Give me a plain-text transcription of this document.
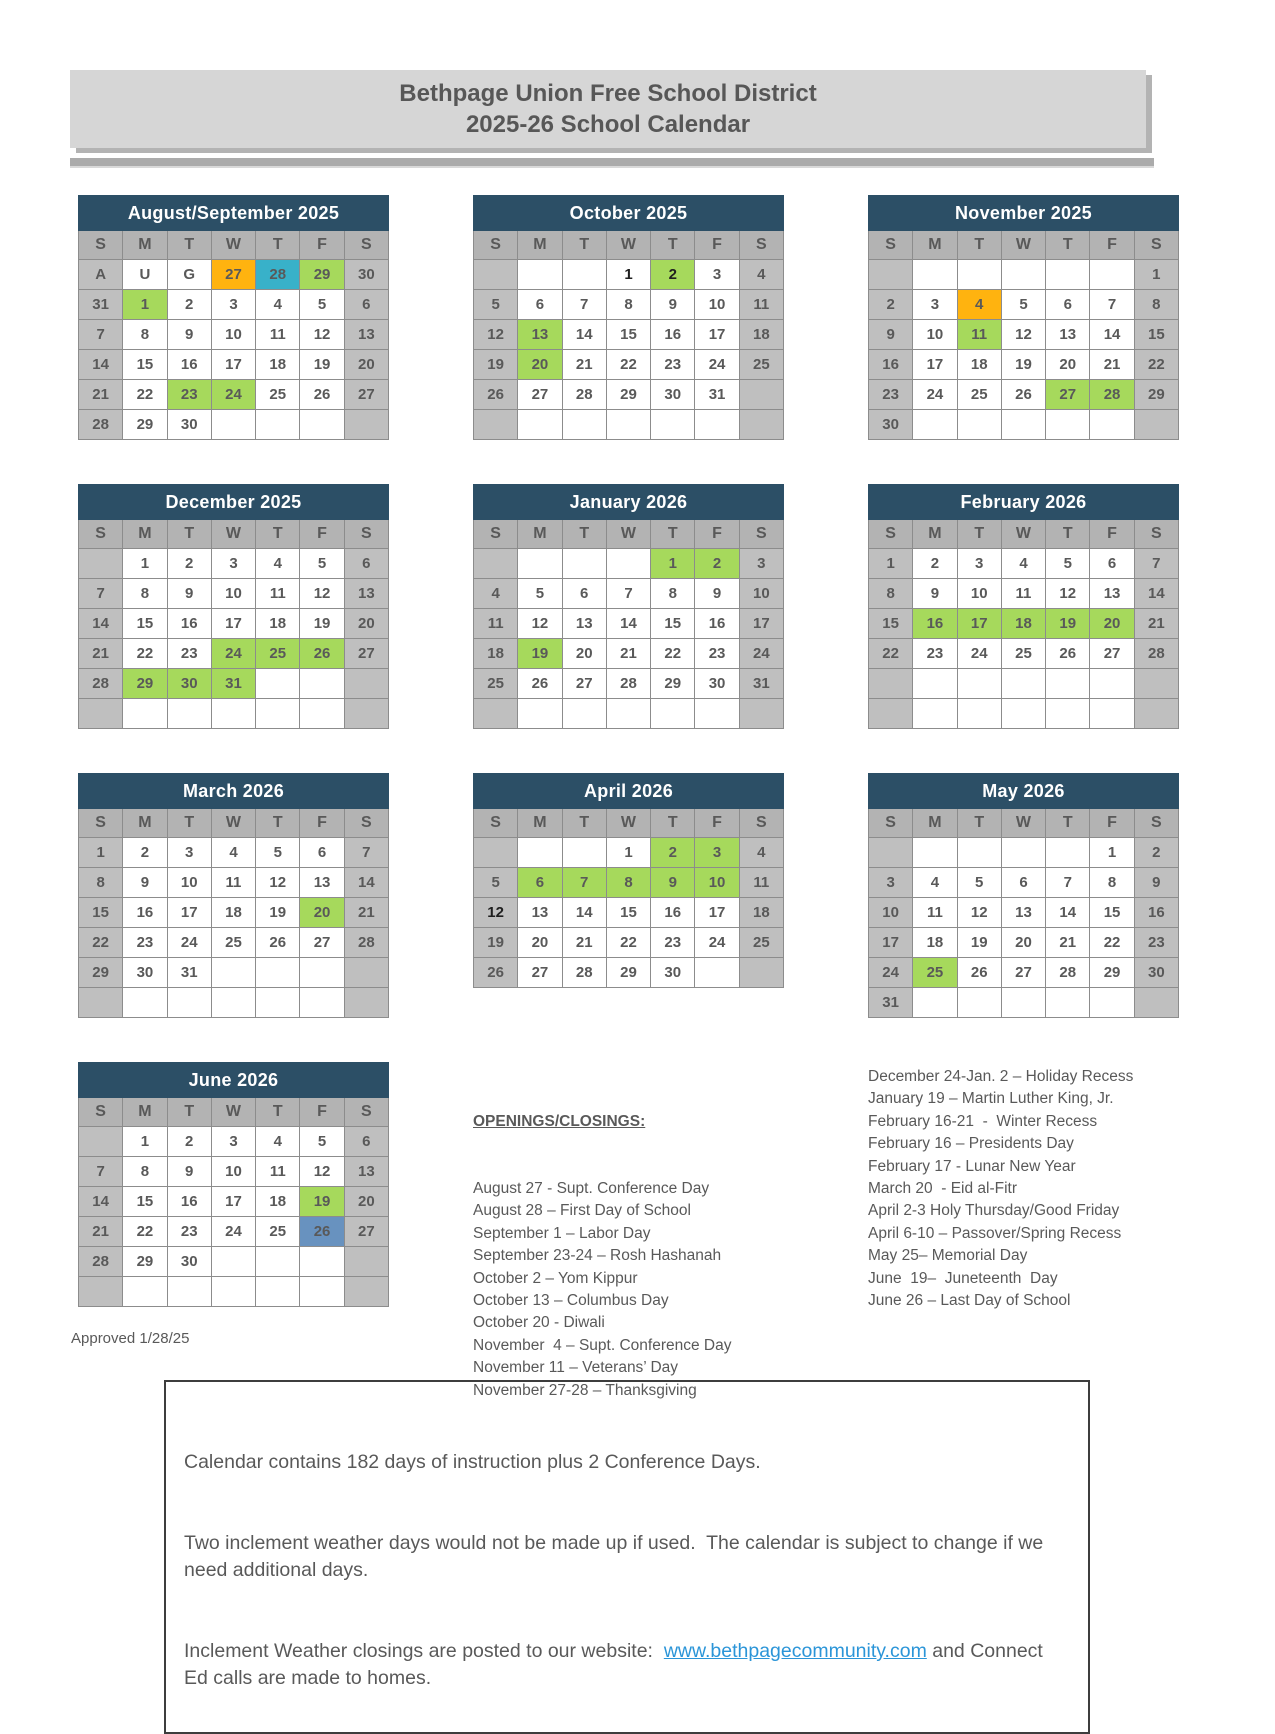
Bethpage Union Free School District
2025-26 School Calendar

OPENINGS/CLOSINGS:

August 27 - Supt. Conference Day
August 28 – First Day of School
September 1 – Labor Day
September 23-24 – Rosh Hashanah
October 2 – Yom Kippur
October 13 – Columbus Day
October 20 - Diwali
November  4 – Supt. Conference Day
November 11 – Veterans’ Day
November 27-28 – Thanksgiving

December 24-Jan. 2 – Holiday Recess
January 19 – Martin Luther King, Jr.
February 16-21  -  Winter Recess
February 16 – Presidents Day
February 17 - Lunar New Year
March 20  - Eid al-Fitr
April 2-3 Holy Thursday/Good Friday
April 6-10 – Passover/Spring Recess
May 25– Memorial Day
June  19–  Juneteenth  Day
June 26 – Last Day of School
August/September 2025						
S	M	T	W	T	F	S
A	U	G	27	28	29	30
31	1	2	3	4	5	6
7	8	9	10	11	12	13
14	15	16	17	18	19	20
21	22	23	24	25	26	27
28	29	30				
October 2025						
S	M	T	W	T	F	S
			1	2	3	4
5	6	7	8	9	10	11
12	13	14	15	16	17	18
19	20	21	22	23	24	25
26	27	28	29	30	31	

November 2025						
S	M	T	W	T	F	S
						1
2	3	4	5	6	7	8
9	10	11	12	13	14	15
16	17	18	19	20	21	22
23	24	25	26	27	28	29
30						
December 2025						
S	M	T	W	T	F	S
	1	2	3	4	5	6
7	8	9	10	11	12	13
14	15	16	17	18	19	20
21	22	23	24	25	26	27
28	29	30	31			

January 2026						
S	M	T	W	T	F	S
				1	2	3
4	5	6	7	8	9	10
11	12	13	14	15	16	17
18	19	20	21	22	23	24
25	26	27	28	29	30	31

February 2026						
S	M	T	W	T	F	S
1	2	3	4	5	6	7
8	9	10	11	12	13	14
15	16	17	18	19	20	21
22	23	24	25	26	27	28

March 2026						
S	M	T	W	T	F	S
1	2	3	4	5	6	7
8	9	10	11	12	13	14
15	16	17	18	19	20	21
22	23	24	25	26	27	28
29	30	31				

April 2026						
S	M	T	W	T	F	S
			1	2	3	4
5	6	7	8	9	10	11
12	13	14	15	16	17	18
19	20	21	22	23	24	25
26	27	28	29	30		
May 2026						
S	M	T	W	T	F	S
					1	2
3	4	5	6	7	8	9
10	11	12	13	14	15	16
17	18	19	20	21	22	23
24	25	26	27	28	29	30
31						
June 2026						
S	M	T	W	T	F	S
	1	2	3	4	5	6
7	8	9	10	11	12	13
14	15	16	17	18	19	20
21	22	23	24	25	26	27
28	29	30				

Approved 1/28/25

Calendar contains 182 days of instruction plus 2 Conference Days.

Two inclement weather days would not be made up if used.  The calendar is subject to change if we need additional days.

Inclement Weather closings are posted to our website:  www.bethpagecommunity.com and Connect Ed calls are made to homes.
